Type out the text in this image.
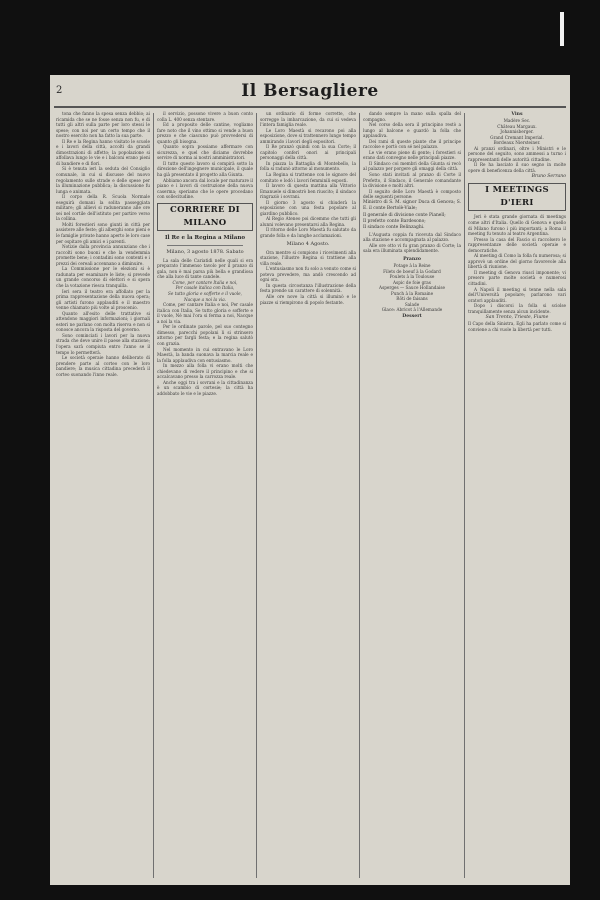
2	Il Bersagliere

tona che fanno la spesa senza debbio; ai ricamida che se ne fosse senza non fu, e di tutti gli altri sulla parte per loro stessi le spese; con noi per un certo tempo che il nostro esercito non ha fatto la sua parte.

Il Re e la Regina hanno visitato le scuole e i lavori della città, accolti da grandi dimostrazioni di affetto; la popolazione si affollava lungo le vie e i balconi erano pieni di bandiere e di fiori.

Si è tenuta ieri la seduta del Consiglio comunale, in cui si discusse del nuovo regolamento sulle strade e delle spese per la illuminazione pubblica; la discussione fu lunga e animata.

Il corpo della R. Scuola Normale eseguirà domani la solita passeggiata militare; gli allievi si raduneranno alle ore sei nel cortile dell'istituto per partire verso la collina.

Molti forestieri sono giunti in città per assistere alle feste; gli alberghi sono pieni e le famiglie private hanno aperto le loro case per ospitare gli amici e i parenti.

Notizie dalla provincia annunziano che i raccolti sono buoni e che la vendemmia promette bene; i contadini sono contenti e i prezzi dei cereali accennano a diminuire.

La Commissione per le elezioni si è radunata per esaminare le liste; si prevede un grande concorso di elettori e si spera che la votazione riesca tranquilla.

Ieri sera il teatro era affollato per la prima rappresentazione della nuova opera; gli artisti furono applauditi e il maestro venne chiamato più volte al proscenio.

Quanto all'esito delle trattative si attendono maggiori informazioni; i giornali esteri ne parlano con molta riserva e non si conosce ancora la risposta del governo.

Sono cominciati i lavori per la nuova strada che deve unire il paese alla stazione; l'opera sarà compiuta entro l'anno se il tempo lo permetterà.

Le società operaie hanno deliberato di prendere parte al corteo con le loro bandiere; la musica cittadina precederà il corteo suonando l'inno reale.

il servizio, possono vivere a buon conto colla L. 400 senza stentare.

Ed a proposito delle cantine, vogliamo fare noto che il vino ottimo si vende a buon prezzo e che ciascuno può provvedersi di quanto gli bisogna.

Quanto sopra possiamo affermare con sicurezza, e quel che diciamo dovrebbe servire di norma ai nostri amministratori.

Il tutto questo lavoro si compirà sotto la direzione dell'ingegnere municipale, il quale ha già presentato il progetto alla Giunta.

Abbiamo ancora dal locale per maturare il piano e i lavori di costruzione della nuova caserma; speriamo che le opere procedano con sollecitudine.

CORRIERE DI MILANO
Il Re e la Regina a Milano
Milano, 3 agosto 1878. Sabato

La sala delle Cariatidi nelle quali si era preparato l'immenso tavolo per il pranzo di gala, non è mai parsa più bella e grandiosa che alla luce di tante candele.

Come, per cantare Italia e noi,
Per casale italica con Italia,
Se tutto gloria e sofferte e il vuole,
Nacque a noi la via.

Come, per cantare Italia e noi, Per casale italica con Italia, Se tutto gloria e sofferte e il vuole, Né mai l'ora si ferma a noi, Nacque a noi la via.

Per le ordinate parole, pel suo contegno dimesso, parecchi popolani li si strinsero attorno per fargli festa; e la regina salutò con grazia.

Nel momento in cui entravano le Loro Maestà, la banda suonava la marcia reale e la folla applaudiva con entusiasmo.

In mezzo alla folla vi erano molti che chiedevano di vedere il principino e che si accalcavano presso la carrozza reale.

Anche oggi tra i sovrani e la cittadinanza è un scambio di cortesie; la città ha addobbato le vie e le piazze.

un ordinario di forme corrette, che sorregge la imbarcazione, da cui si vedeva l'intera famiglia reale.

Le Loro Maestà si recarono poi alla esposizione, dove si trattennero lungo tempo ammirando i lavori degli espositori.

Il Re pranzò quindi con la sua Corte; il capitolo conferì onori ai principali personaggi della città.

In piazza la Battaglia di Montebello, la folla si radunò attorno al monumento.

La Regina si trattenne con le signore del comitato e lodò i lavori femminili esposti.

Il lavoro di questa mattina alla Vittorio Emanuele si dimostrò ben riuscito; il sindaco ringraziò i sovrani.

Il giorno 3 agosto si chiuderà la esposizione con una festa popolare al giardino pubblico.

Al Regio Ateneo poi dicemmo che tutti gli alunni volevano presentarsi alla Regina.

Il ritorno delle Loro Maestà fu salutato da grande folla e da lunghe acclamazioni.

Milano 4 Agosto.

Ora mentre si compiono i ricevimenti alla stazione, l'illustre Regina si trattiene alla villa reale.

L'entusiasmo non fu solo a venuto come si poteva prevedere, ma andò crescendo ad ogni ora.

In questa circostanza l'illustrazione della festa prende un carattere di solennità.

Alle ore nove la città si illuminò e le piazze si riempirono di popolo festante.

dando sempre la mano sulla spalla del compagno.

Nel corso della sera il principino restò a lungo al balcone e guardò la folla che applaudiva.

Dei rami di queste piante che il principe raccolse e portò con sé nel palazzo.

Le vie erano piene di gente; i forestieri si erano dati convegno nelle principali piazze.

Il Sindaco coi membri della Giunta si recò al palazzo per porgere gli omaggi della città.

Sono stati invitati al pranzo di Corte il Prefetto, il Sindaco, il Generale comandante la divisione e molti altri.

Il seguito delle Loro Maestà è composto delle seguenti persone:

Ministro di S. M. signor Duca di Genova; S. E. il conte Bertolè-Viale;
Il generale di divisione conte Pianell;
Il prefetto conte Bardesono;
Il sindaco conte Belinzaghi.

L'Augusta coppia fu ricevuta dal Sindaco alla stazione e accompagnata al palazzo.

Alle ore otto vi fu gran pranzo di Corte; la sala era illuminata splendidamente.

Pranzo

Potage à la Reine

Filets de boeuf à la Godard

Poulets à la Toulouse

Aspic de foie gras

Asperges — Sauce Hollandaise

Punch à la Romaine

Rôti de faisans

Salade

Glace: Abricot à l'Allemande

Dessert
Vins

Madère Sec.

Château Margaux.

Johannisberger.

Grand Cremant Imperial.

Bordeaux Niersteiner.

Ai pranzi ordinari, oltre i Ministri e le persone del seguito, sono ammessi a turno i rappresentanti delle autorità cittadine.

Il Re ha lasciato il suo segno in molte opere di beneficenza della città.

Bruno Serrano
I MEETINGS D'IERI

Jeri è stata grande giornata di meetings come altri d'Italia. Quello di Genova e quello di Milano furono i più importanti; a Roma il meeting fu tenuto al teatro Argentina.

Presso la casa del Fascio si raccolsero le rappresentanze delle società operaie e democratiche.

Al meeting di Como la folla fu numerosa; si approvò un ordine del giorno favorevole alla libertà di riunione.

Il meeting di Genova riuscì imponente; vi presero parte molte società e numerosi cittadini.

A Napoli il meeting si tenne nella sala dell'Università popolare; parlarono vari oratori applauditi.

Dopo i discorsi la folla si sciolse tranquillamente senza alcun incidente.

San Trento, Trieste, Fiume

Il Capo della Sinistra, Egli ha parlato come si conviene a chi vuole la libertà per tutti.
